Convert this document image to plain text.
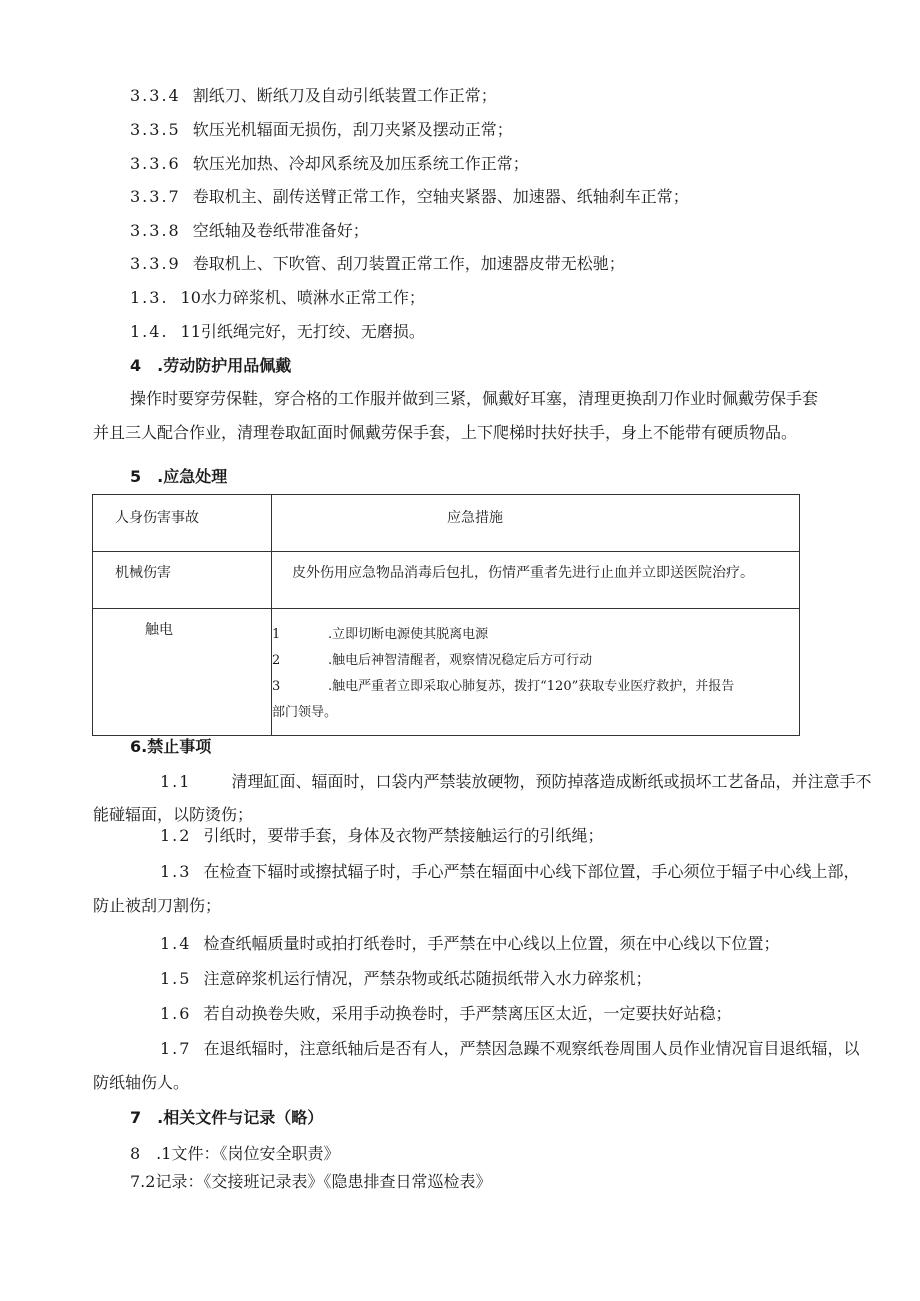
3.3.4 割纸刀、断纸刀及自动引纸装置工作正常；
3.3.5 软压光机辐面无损伤，刮刀夹紧及摆动正常；
3.3.6 软压光加热、冷却风系统及加压系统工作正常；
3.3.7 卷取机主、副传送臂正常工作，空轴夹紧器、加速器、纸轴刹车正常；
3.3.8 空纸轴及卷纸带准备好；
3.3.9 卷取机上、下吹管、刮刀装置正常工作，加速器皮带无松驰；
1.3. 10水力碎浆机、喷淋水正常工作；
1.4. 11引纸绳完好，无打绞、无磨损。
4　.劳动防护用品佩戴
操作时要穿劳保鞋，穿合格的工作服并做到三紧，佩戴好耳塞，清理更换刮刀作业时佩戴劳保手套
并且三人配合作业，清理卷取缸面时佩戴劳保手套，上下爬梯时扶好扶手，身上不能带有硬质物品。
5　.应急处理
人身伤害事故	应急措施

机械伤害	皮外伤用应急物品消毒后包扎，伤情严重者先进行止血并立即送医院治疗。

触电	1 .立即切断电源使其脱离电源
2 .触电后神智清醒者，观察情况稳定后方可行动
3 .触电严重者立即采取心肺复苏，拨打“120”获取专业医疗救护，并报告
部门领导。
6.禁止事项
1.1	清理缸面、辐面时，口袋内严禁装放硬物，预防掉落造成断纸或损坏工艺备品，并注意手不
能碰辐面，以防烫伤；
1.2 引纸时，要带手套，身体及衣物严禁接触运行的引纸绳；
1.3 在检查下辐时或擦拭辐子时，手心严禁在辐面中心线下部位置，手心须位于辐子中心线上部，
防止被刮刀割伤；
1.4 检查纸幅质量时或拍打纸卷时，手严禁在中心线以上位置，须在中心线以下位置；
1.5 注意碎浆机运行情况，严禁杂物或纸芯随损纸带入水力碎浆机；
1.6 若自动换卷失败，采用手动换卷时，手严禁离压区太近，一定要扶好站稳；
1.7 在退纸辐时，注意纸轴后是否有人，严禁因急躁不观察纸卷周围人员作业情况盲目退纸辐，以
防纸轴伤人。
7　.相关文件与记录（略）
8　.1文件：《岗位安全职责》
7.2记录：《交接班记录表》《隐患排查日常巡检表》
